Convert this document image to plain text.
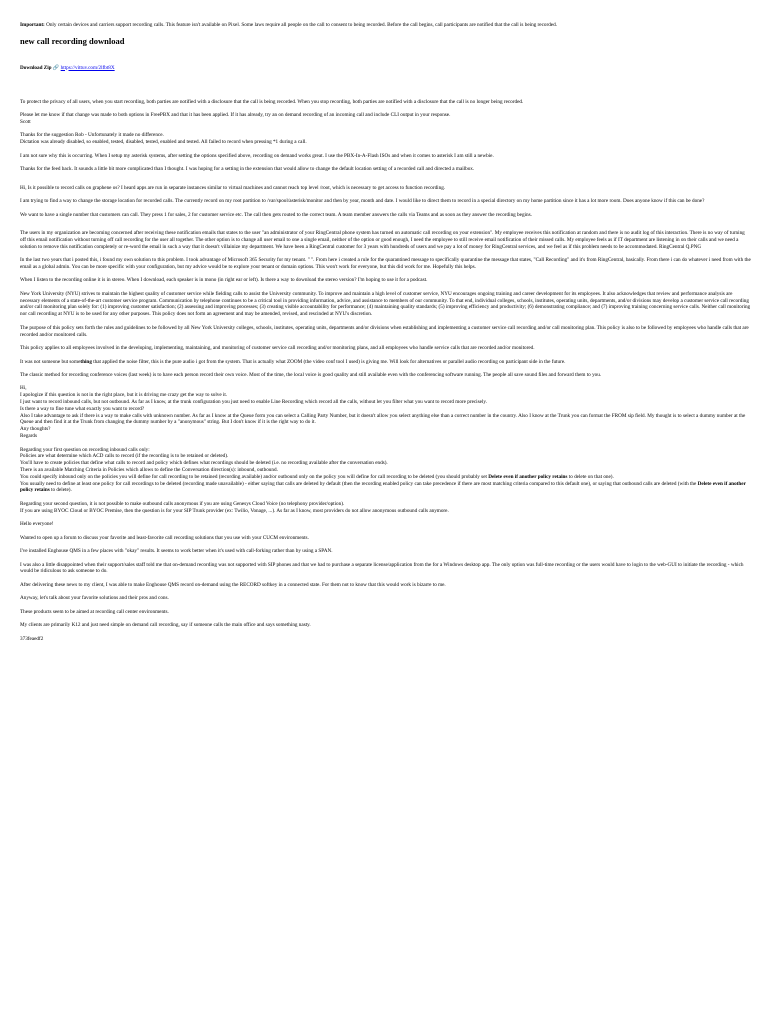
Important: Only certain devices and carriers support recording calls. This feature isn't available on Pixel. Some laws require all people on the call to consent to being recorded. Before the call begins, call participants are notified that the call is being recorded.

new call recording download

Download Zip 🔗 https://vittuv.com/2lfbt8X

To protect the privacy of all users, when you start recording, both parties are notified with a disclosure that the call is being recorded. When you stop recording, both parties are notified with a disclosure that the call is no longer being recorded.

Please let me know if that change was made to both options in FreePBX and that it has been applied. If it has already, try an on demand recording of an incoming call and include CLI output in your response.
Scott

Thanks for the suggestion Rob - Unfortunately it made no difference.
Dictation was already disabled, so enabled, tested, disabled, tested, enabled and tested. All failed to record when pressing *1 during a call.

I am not sure why this is occurring. When I setup my asterisk systems, after setting the options specified above, recording on demand works great. I use the PBX-In-A-Flash ISOs and when it comes to asterisk I am still a newbie.

Thanks for the feed back. It sounds a little bit more complicated than I thought. I was hoping for a setting in the extension that would allow to change the default location setting of a recorded call and directed a mailbox.

Hi, Is it possible to record calls on graphene os? I heard apps are run in separate instances similar to virtual machines and cannot reach top level /root, which is necessary to get access to function recording.

I am trying to find a way to change the storage location for recorded calls. The currently record on my root partition to /var/spool/asterisk/monitor and then by year, month and date. I would like to direct them to record in a special directory on my home partition since it has a lot more room. Does anyone know if this can be done?

We want to have a single number that customers can call. They press 1 for sales, 2 for customer service etc. The call then gets routed to the correct team. A team member answers the calls via Teams and as soon as they answer the recording begins.

The users in my organization are becoming concerned after receiving these notification emails that states to the user "an administrator of your RingCentral phone system has turned on automatic call recording on your extension". My employee receives this notification at random and there is no audit log of this interaction. There is no way of turning off this email notification without turning off call recording for the user all together. The other option is to change all user email to one a single email, neither of the option or good enough, I need the employee to still receive email notification of their missed calls. My employee feels as if IT department are listening in on their calls and we need a solution to remove this notification completely or re-word the email in such a way that it doesn't villainize my department. We have been a RingCentral customer for 3 years with hundreds of users and we pay a lot of money for RingCentral services, and we feel as if this problem needs to be accommodated. RingCentral Q.PNG

In the last two years that i posted this, i found my own solution to this problem. I took advantage of Microsoft 365 Security for my tenant. " ". From here i created a rule for the quarantined message to specifically quarantine the message that states, "Call Recording" and it's from RingCentral, basically. From there i can do whatever i need from with the email as a global admin. You can be more specific with your configuration, but my advice would be to explore your tenant or domain options. This won't work for everyone, but this did work for me. Hopefully this helps.

When I listen to the recording online it is in stereo. When I download, each speaker is in mono (in right ear or left). Is there a way to download the stereo version? I'm hoping to use it for a podcast.

New York University (NYU) strives to maintain the highest quality of customer service while fielding calls to assist the University community. To improve and maintain a high level of customer service, NYU encourages ongoing training and career development for its employees. It also acknowledges that review and performance analysis are necessary elements of a state-of-the-art customer service program. Communication by telephone continues to be a critical tool in providing information, advice, and assistance to members of our community. To that end, individual colleges, schools, institutes, operating units, departments, and/or divisions may develop a customer service call recording and/or call monitoring plan solely for: (1) improving customer satisfaction; (2) assessing and improving processes; (3) creating visible accountability for performance; (4) maintaining quality standards; (5) improving efficiency and productivity; (6) demonstrating compliance; and (7) improving training concerning service calls. Neither call monitoring nor call recording at NYU is to be used for any other purposes. This policy does not form an agreement and may be amended, revised, and rescinded at NYU's discretion.

The purpose of this policy sets forth the rules and guidelines to be followed by all New York University colleges, schools, institutes, operating units, departments and/or divisions when establishing and implementing a customer service call recording and/or call monitoring plan. This policy is also to be followed by employees who handle calls that are recorded and/or monitored calls.

This policy applies to all employees involved in the developing, implementing, maintaining, and monitoring of customer service call recording and/or monitoring plans, and all employees who handle service calls that are recorded and/or monitored.

It was not someone but something that applied the noise filter, this is the pure audio i got from the system. That is actually what ZOOM (the video conf tool I used) is giving me. Will look for alternatives or parallel audio recording on participant side in the future.

The classic method for recording conference voices (last week) is to have each person record their own voice. Most of the time, the local voice is good quality and still available even with the conferencing software running. The people all save sound files and forward them to you.

Hi,
I apologize if this question is not in the right place, but it is driving me crazy get the way to solve it.
I just want to record inbound calls, but not outbound. As far as I know, at the trunk configuration you just need to enable Line Recording which record all the calls, without let you filter what you want to record more precisely.
Is there a way to fine tune what exactly you want to record?
Also I take advantage to ask if there is a way to make calls with unknown number. As far as I know at the Queue form you can select a Calling Party Number, but it doesn't allow you select anything else than a correct number in the country. Also I know at the Trunk you can format the FROM sip field. My thought is to select a dummy number at the Queue and then find it at the Trunk from changing the dummy number by a "anonymous" string. But I don't know if it is the right way to do it.
Any thoughts?
Regards

Regarding your first question on recording inbound calls only:
Policies are what determine which ACD calls to record (if the recording is to be retained or deleted).
You'll have to create policies that define what calls to record and policy which defines what recordings should be deleted (i.e. no recording available after the conversation ends).
There is an available Matching Criteria in Policies which allows to define the Conversation direction(s): inbound, outbound.
You could specify inbound only on the policies you will define for call recording to be retained (recording available) and/or outbound only on the policy you will define for call recording to be deleted (you should probably set Delete even if another policy retains to delete on that one).
You usually need to define at least one policy for call recordings to be deleted (recording made unavailable) - either saying that calls are deleted by default (then the recording enabled policy can take precedence if there are most matching criteria compared to this default one), or saying that outbound calls are deleted (with the Delete even if another policy retains to delete).

Regarding your second question, it is not possible to make outbound calls anonymous if you are using Genesys Cloud Voice (no telephony provider/option).
If you are using BYOC Cloud or BYOC Premise, then the question is for your SIP Trunk provider (ex: Twilio, Vonage, ...). As far as I know, most providers do not allow anonymous outbound calls anymore.

Hello everyone!

Wanted to open up a forum to discuss your favorite and least-favorite call recording solutions that you use with your CUCM environments.

I've installed Enghouse QMS in a few places with "okay" results. It seems to work better when it's used with call-forking rather than by using a SPAN.

I was also a little disappointed when their support/sales staff told me that on-demand recording was not supported with SIP phones and that we had to purchase a separate license/application from the for a Windows desktop app. The only option was full-time recording or the users would have to login to the web-GUI to initiate the recording - which would be ridiculous to ask someone to do.

After delivering these news to my client, I was able to make Enghouse QMS record on-demand using the RECORD softkey in a connected state. For them not to know that this would work is bizarre to me.

Anyway, let's talk about your favorite solutions and their pros and cons.

These products seem to be aimed at recording call center environments.

My clients are primarily K12 and just need simple on demand call recording, say if someone calls the main office and says something nasty.

373feaedf2
